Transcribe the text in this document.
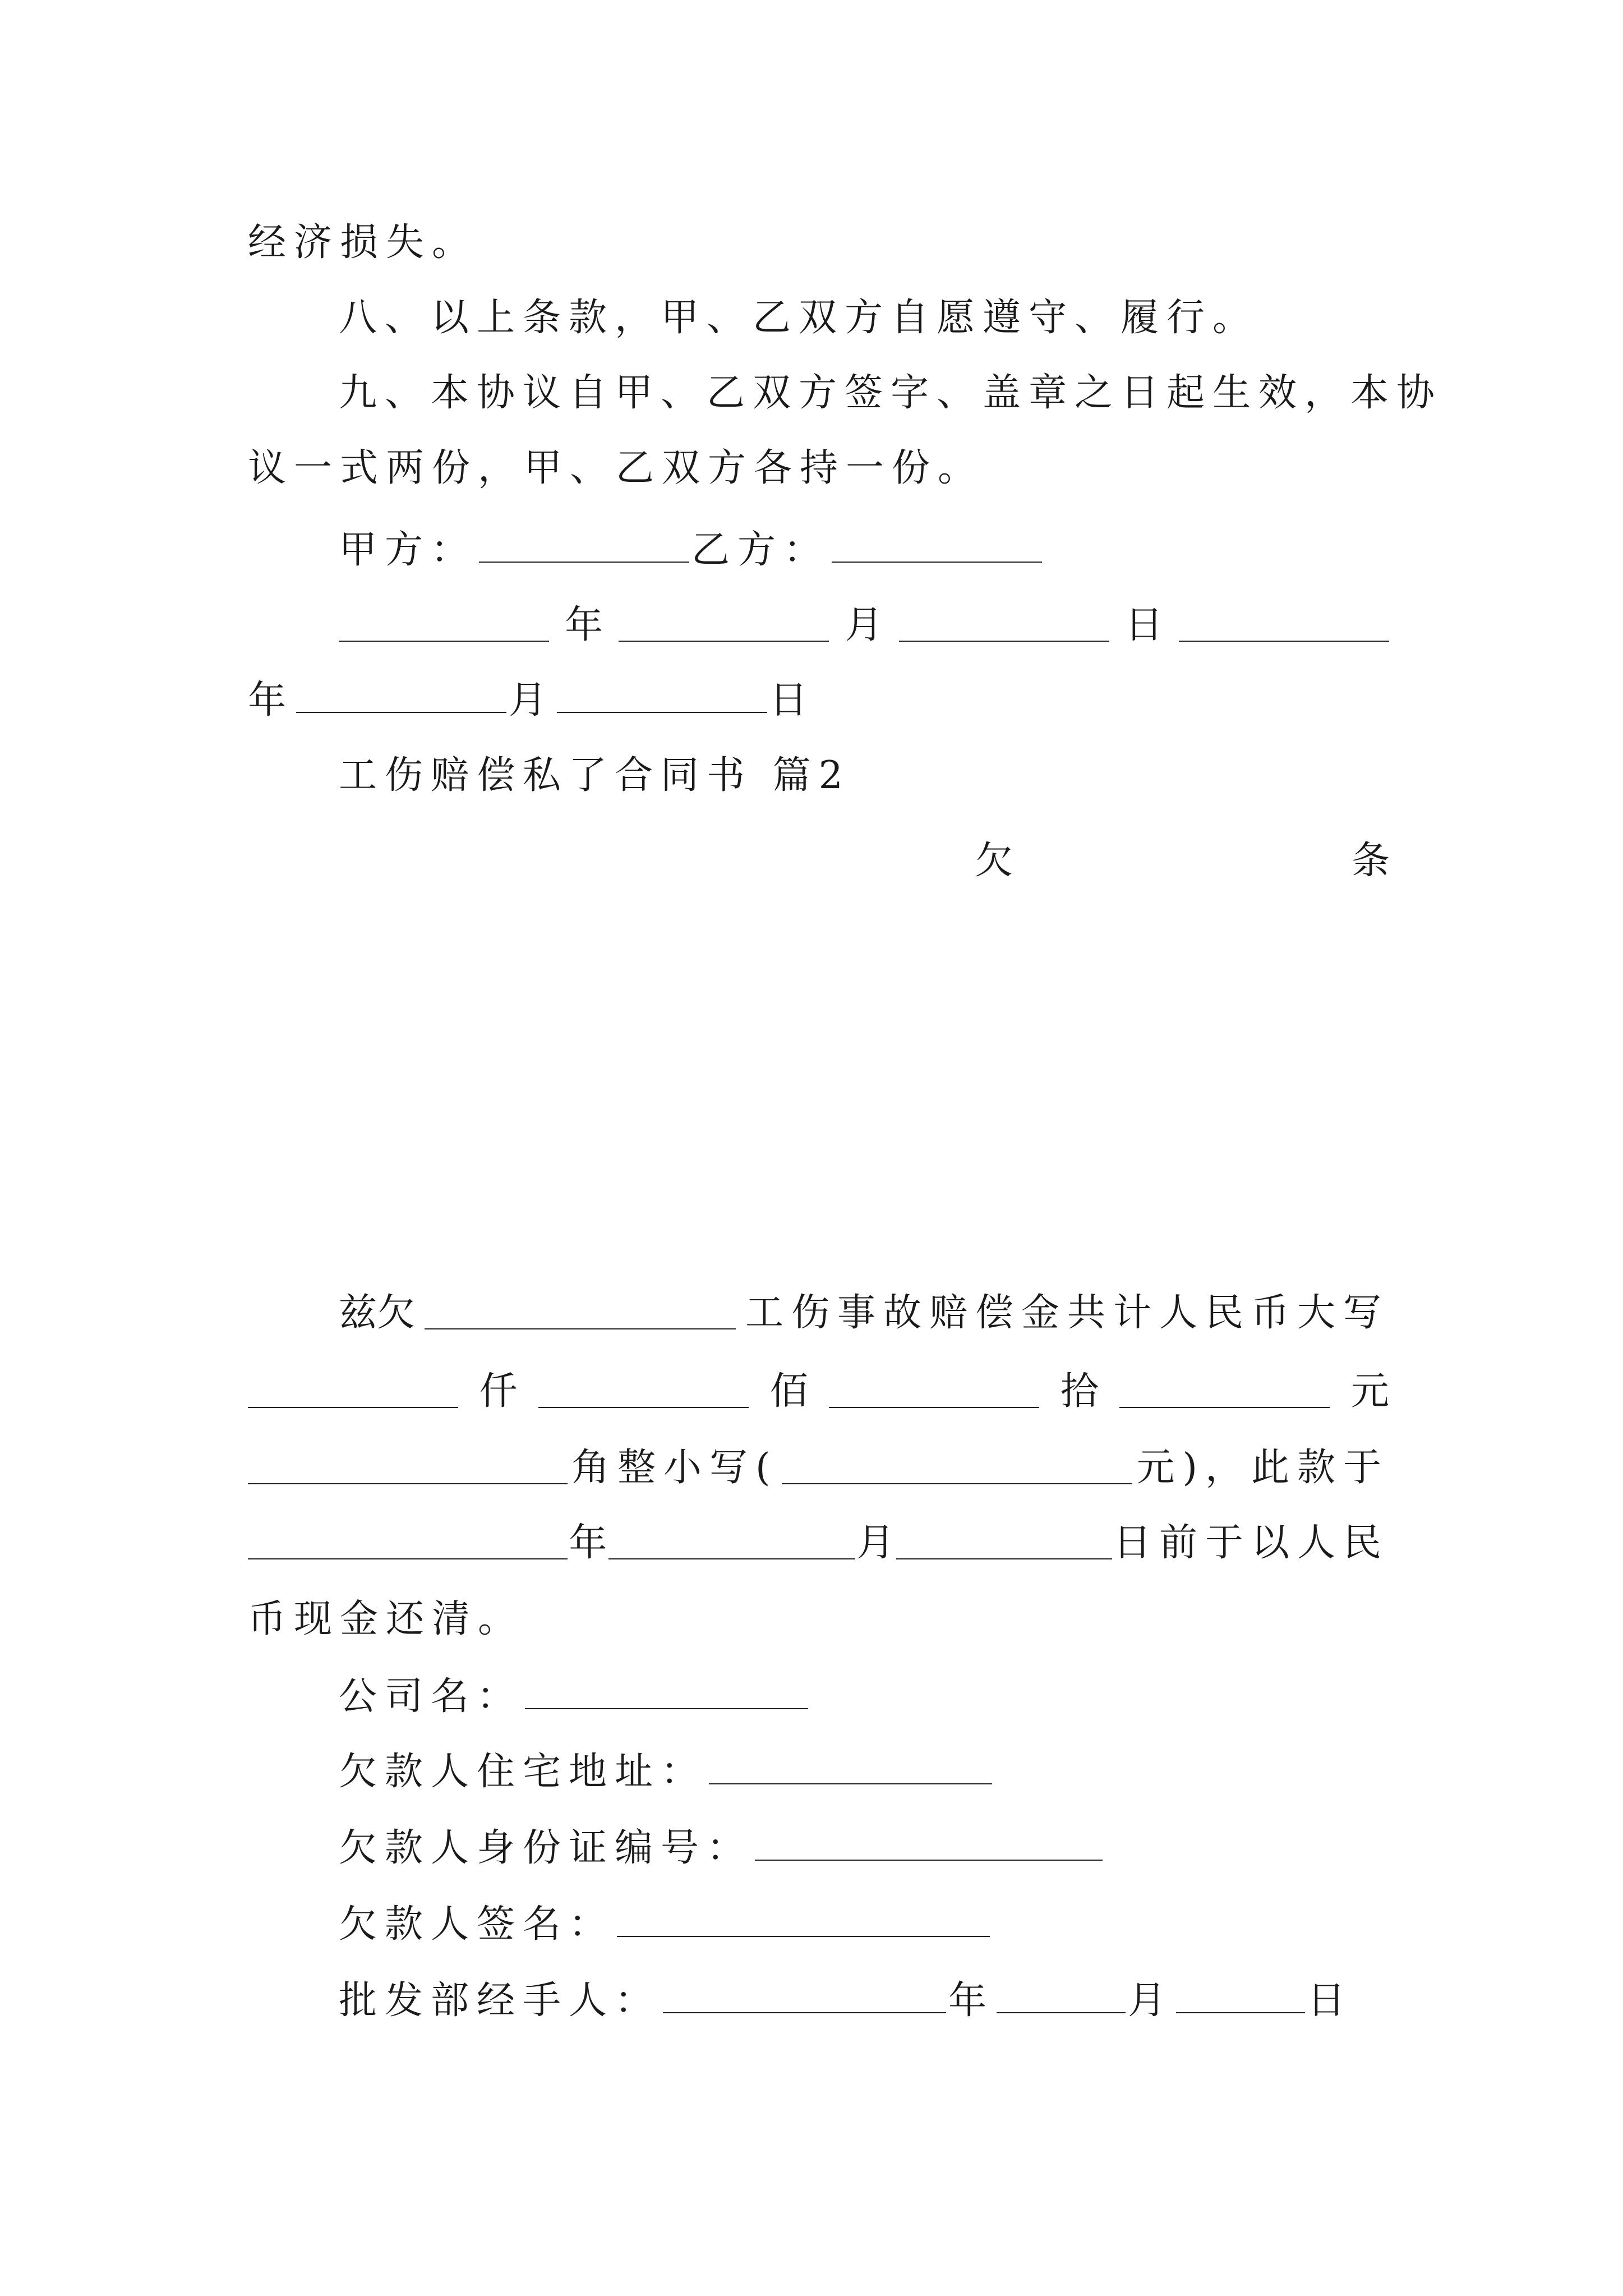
经济损失。
八、以上条款，甲、乙双方自愿遵守、履行。
九、本协议自甲、乙双方签字、盖章之日起生效，本协
议一式两份，甲、乙双方各持一份。
甲方：	乙方：
年	月	日
年	月	日
工伤赔偿私了合同书 篇2
欠	条
兹欠	工伤事故赔偿金共计人民币大写
仟	佰	拾	元
角整小写(	元)，此款于
年	月	日前于以人民
币现金还清。
公司名：
欠款人住宅地址：
欠款人身份证编号：
欠款人签名：
批发部经手人：	年	月	日
